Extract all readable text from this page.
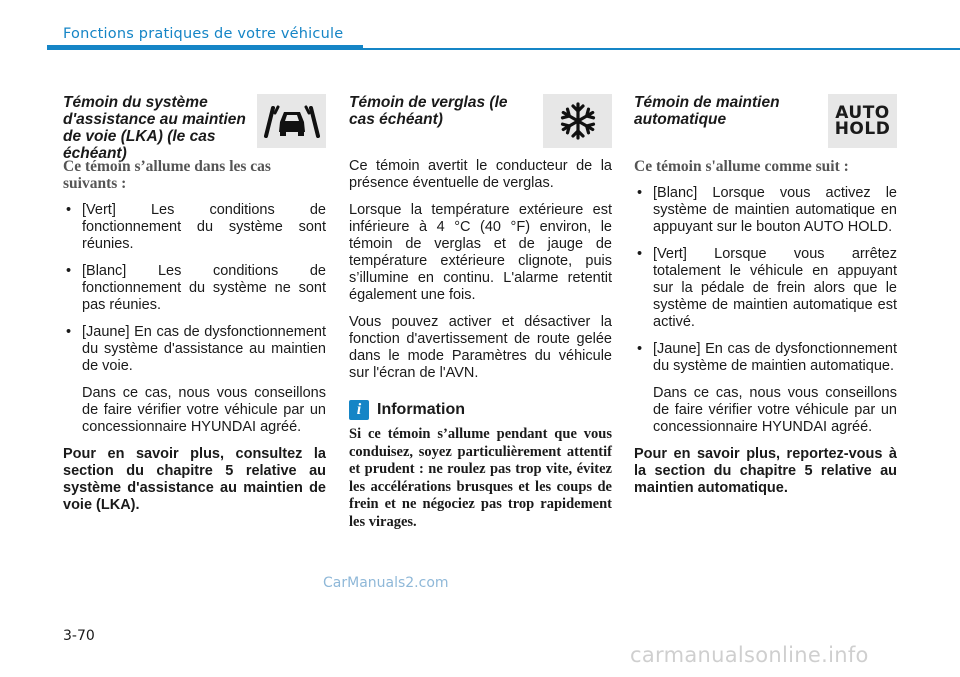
Fonctions pratiques de votre véhicule
Témoin du système d'assistance au maintien de voie (LKA) (le cas échéant)

Ce témoin s’allume dans les cas suivants :

• [Vert] Les conditions de fonctionnement du système sont réunies.
• [Blanc] Les conditions de fonctionnement du système ne sont pas réunies.
• [Jaune] En cas de dysfonctionnement du système d'assistance au maintien de voie.
Dans ce cas, nous vous conseillons de faire vérifier votre véhicule par un concessionnaire HYUNDAI agréé.

Pour en savoir plus, consultez la section du chapitre 5 relative au système d'assistance au maintien de voie (LKA).

Témoin de verglas (le cas échéant)

Ce témoin avertit le conducteur de la présence éventuelle de verglas.

Lorsque la température extérieure est inférieure à 4 °C (40 °F) environ, le témoin de verglas et de jauge de température extérieure clignote, puis s’illumine en continu. L'alarme retentit également une fois.

Vous pouvez activer et désactiver la fonction d'avertissement de route gelée dans le mode Paramètres du véhicule sur l'écran de l'AVN.

i Information

Si ce témoin s’allume pendant que vous conduisez, soyez particulièrement attentif et prudent : ne roulez pas trop vite, évitez les accélérations brusques et les coups de frein et ne négociez pas trop rapidement les virages.

Témoin de maintien automatique	AUTO
HOLD

Ce témoin s'allume comme suit :

• [Blanc] Lorsque vous activez le système de maintien automatique en appuyant sur le bouton AUTO HOLD.
• [Vert] Lorsque vous arrêtez totalement le véhicule en appuyant sur la pédale de frein alors que le système de maintien automatique est activé.
• [Jaune] En cas de dysfonctionnement du système de maintien automatique.
Dans ce cas, nous vous conseillons de faire vérifier votre véhicule par un concessionnaire HYUNDAI agréé.

Pour en savoir plus, reportez-vous à la section du chapitre 5 relative au maintien automatique.

CarManuals2.com
3-70
carmanualsonline.info
